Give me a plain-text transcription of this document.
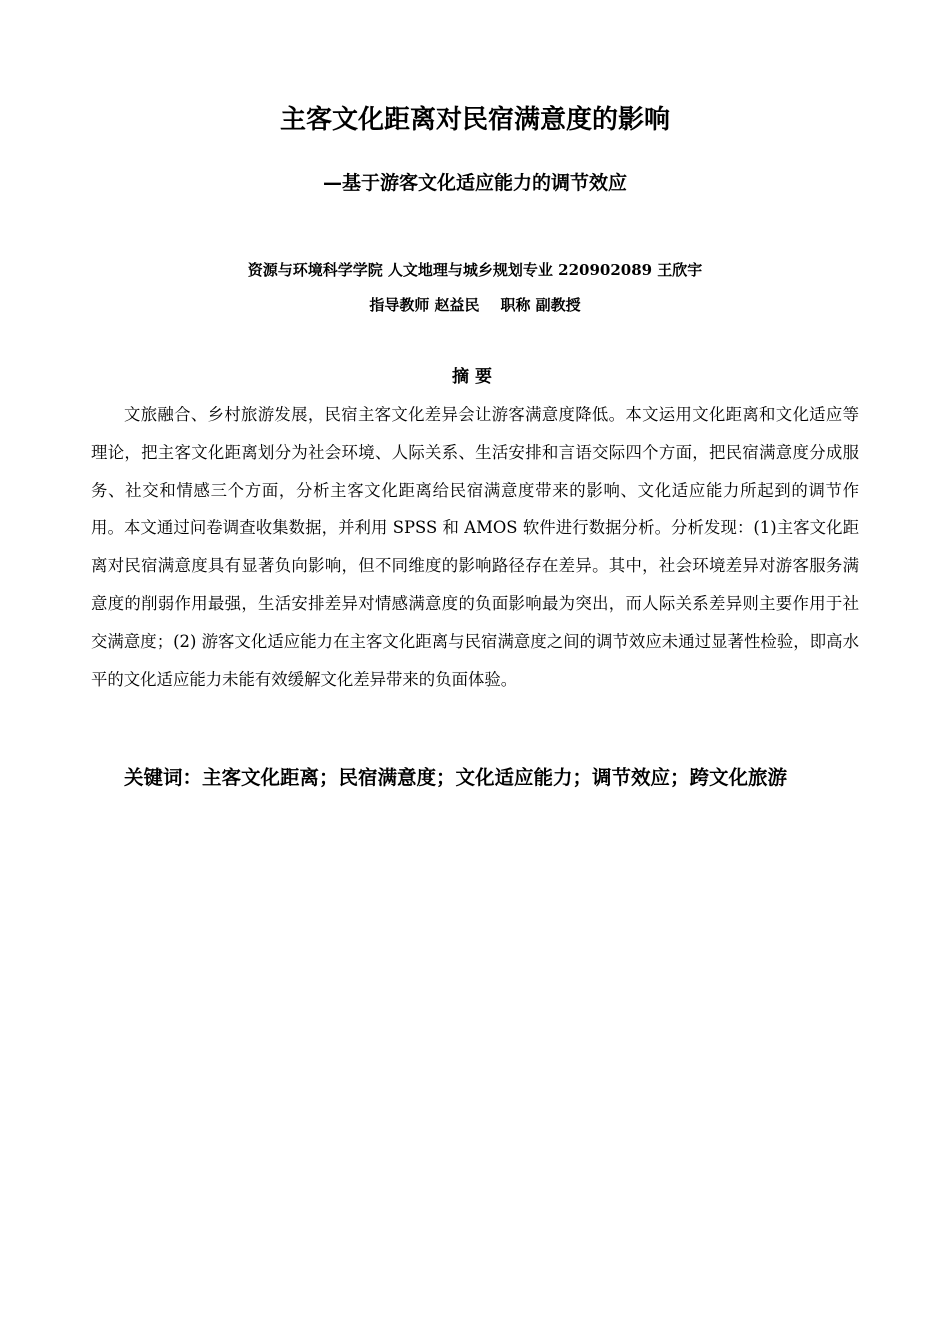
主客文化距离对民宿满意度的影响
—基于游客文化适应能力的调节效应

资源与环境科学学院 人文地理与城乡规划专业 220902089 王欣宇

指导教师 赵益民    职称 副教授

摘要

文旅融合、乡村旅游发展，民宿主客文化差异会让游客满意度降低。本文运用文化距离和文化适应等理论，把主客文化距离划分为社会环境、人际关系、生活安排和言语交际四个方面，把民宿满意度分成服务、社交和情感三个方面，分析主客文化距离给民宿满意度带来的影响、文化适应能力所起到的调节作用。本文通过问卷调查收集数据，并利用 SPSS 和 AMOS 软件进行数据分析。分析发现：(1)主客文化距离对民宿满意度具有显著负向影响，但不同维度的影响路径存在差异。其中，社会环境差异对游客服务满意度的削弱作用最强，生活安排差异对情感满意度的负面影响最为突出，而人际关系差异则主要作用于社交满意度；(2) 游客文化适应能力在主客文化距离与民宿满意度之间的调节效应未通过显著性检验，即高水平的文化适应能力未能有效缓解文化差异带来的负面体验。

关键词：主客文化距离；民宿满意度；文化适应能力；调节效应；跨文化旅游
